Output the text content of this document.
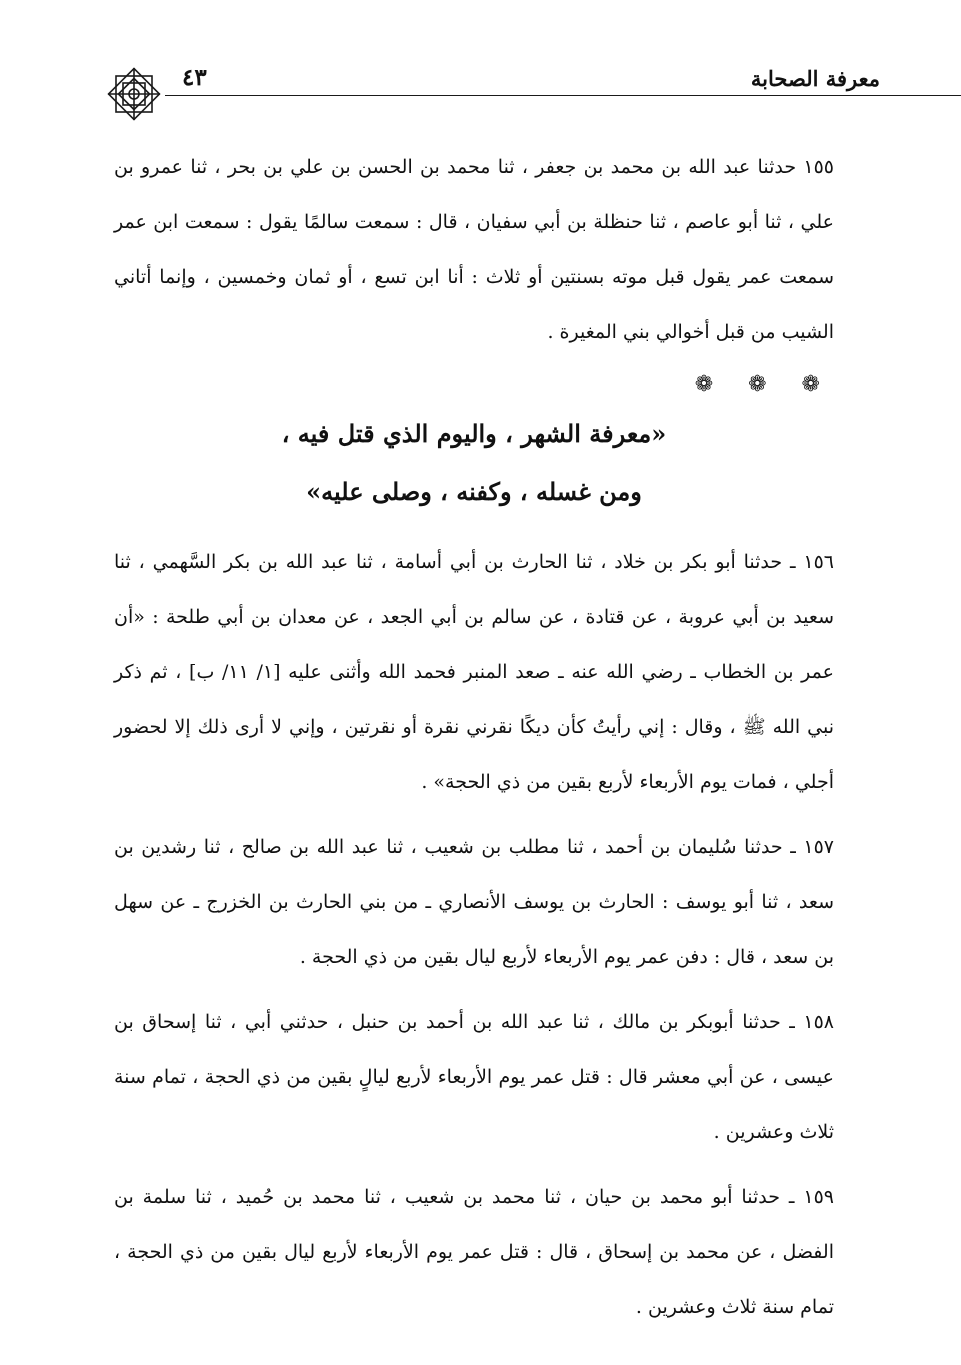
معرفة الصحابة
٤٣

١٥٥ حدثنا عبد الله بن محمد بن جعفر ، ثنا محمد بن الحسن بن علي بن بحر ، ثنا عمرو بن علي ، ثنا أبو عاصم ، ثنا حنظلة بن أبي سفيان ، قال : سمعت سالمًا يقول : سمعت ابن عمر سمعت عمر يقول قبل موته بسنتين أو ثلاث : أنا ابن تسع ، أو ثمان وخمسين ، وإنما أتاني الشيب من قبل أخوالي بني المغيرة .

❁ ❁ ❁
«معرفة الشهر ، واليوم الذي قتل فيه ،
ومن غسله ، وكفنه ، وصلى عليه»

١٥٦ ـ حدثنا أبو بكر بن خلاد ، ثنا الحارث بن أبي أسامة ، ثنا عبد الله بن بكر السَّهمي ، ثنا سعيد بن أبي عروبة ، عن قتادة ، عن سالم بن أبي الجعد ، عن معدان بن أبي طلحة : «أن عمر بن الخطاب ـ رضي الله عنه ـ صعد المنبر فحمد الله وأثنى عليه [١/ ١١/ ب] ، ثم ذكر نبي الله ﷺ ، وقال : إني رأيتُ كأن ديكًا نقرني نقرة أو نقرتين ، وإني لا أرى ذلك إلا لحضور أجلي ، فمات يوم الأربعاء لأربع بقين من ذي الحجة» .

١٥٧ ـ حدثنا سُليمان بن أحمد ، ثنا مطلب بن شعيب ، ثنا عبد الله بن صالح ، ثنا رشدين بن سعد ، ثنا أبو يوسف : الحارث بن يوسف الأنصاري ـ من بني الحارث بن الخزرج ـ عن سهل بن سعد ، قال : دفن عمر يوم الأربعاء لأربع ليال بقين من ذي الحجة .

١٥٨ ـ حدثنا أبوبكر بن مالك ، ثنا عبد الله بن أحمد بن حنبل ، حدثني أبي ، ثنا إسحاق بن عيسى ، عن أبي معشر قال : قتل عمر يوم الأربعاء لأربع ليالٍ بقين من ذي الحجة ، تمام سنة ثلاث وعشرين .

١٥٩ ـ حدثنا أبو محمد بن حيان ، ثنا محمد بن شعيب ، ثنا محمد بن حُميد ، ثنا سلمة بن الفضل ، عن محمد بن إسحاق ، قال : قتل عمر يوم الأربعاء لأربع ليال بقين من ذي الحجة ، تمام سنة ثلاث وعشرين .
